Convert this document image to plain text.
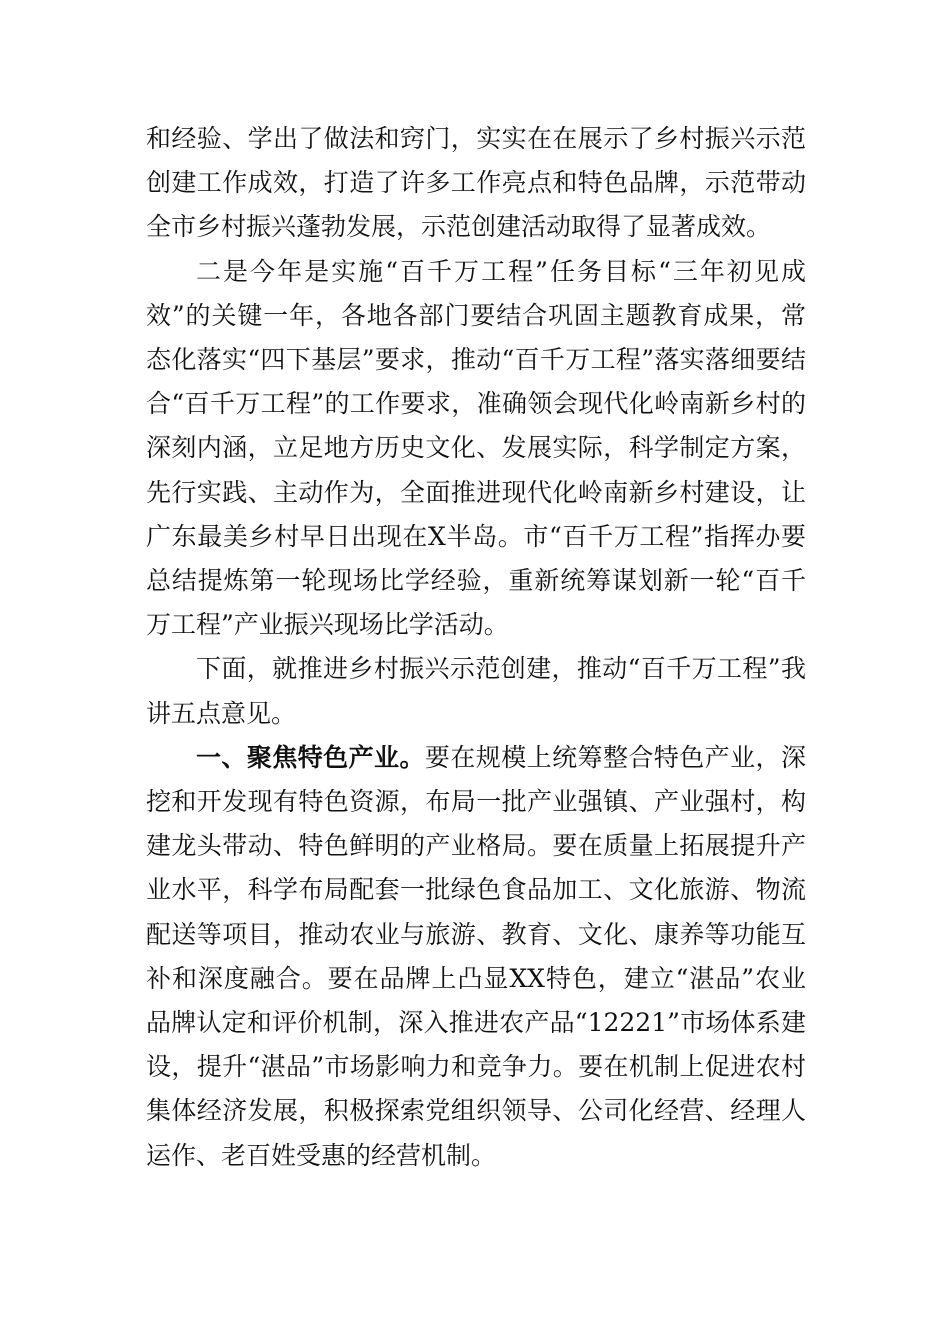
和经验、学出了做法和窍门，实实在在展示了乡村振兴示范创建工作成效，打造了许多工作亮点和特色品牌，示范带动全市乡村振兴蓬勃发展，示范创建活动取得了显著成效。

二是今年是实施“百千万工程”任务目标“三年初见成效”的关键一年，各地各部门要结合巩固主题教育成果，常态化落实“四下基层”要求，推动“百千万工程”落实落细要结合“百千万工程”的工作要求，准确领会现代化岭南新乡村的深刻内涵，立足地方历史文化、发展实际，科学制定方案，先行实践、主动作为，全面推进现代化岭南新乡村建设，让广东最美乡村早日出现在X半岛。市“百千万工程”指挥办要总结提炼第一轮现场比学经验，重新统筹谋划新一轮“百千万工程”产业振兴现场比学活动。

下面，就推进乡村振兴示范创建，推动“百千万工程”我讲五点意见。

一、聚焦特色产业。要在规模上统筹整合特色产业，深挖和开发现有特色资源，布局一批产业强镇、产业强村，构建龙头带动、特色鲜明的产业格局。要在质量上拓展提升产业水平，科学布局配套一批绿色食品加工、文化旅游、物流配送等项目，推动农业与旅游、教育、文化、康养等功能互补和深度融合。要在品牌上凸显XX特色，建立“湛品”农业品牌认定和评价机制，深入推进农产品“12221”市场体系建设，提升“湛品”市场影响力和竞争力。要在机制上促进农村集体经济发展，积极探索党组织领导、公司化经营、经理人运作、老百姓受惠的经营机制。
